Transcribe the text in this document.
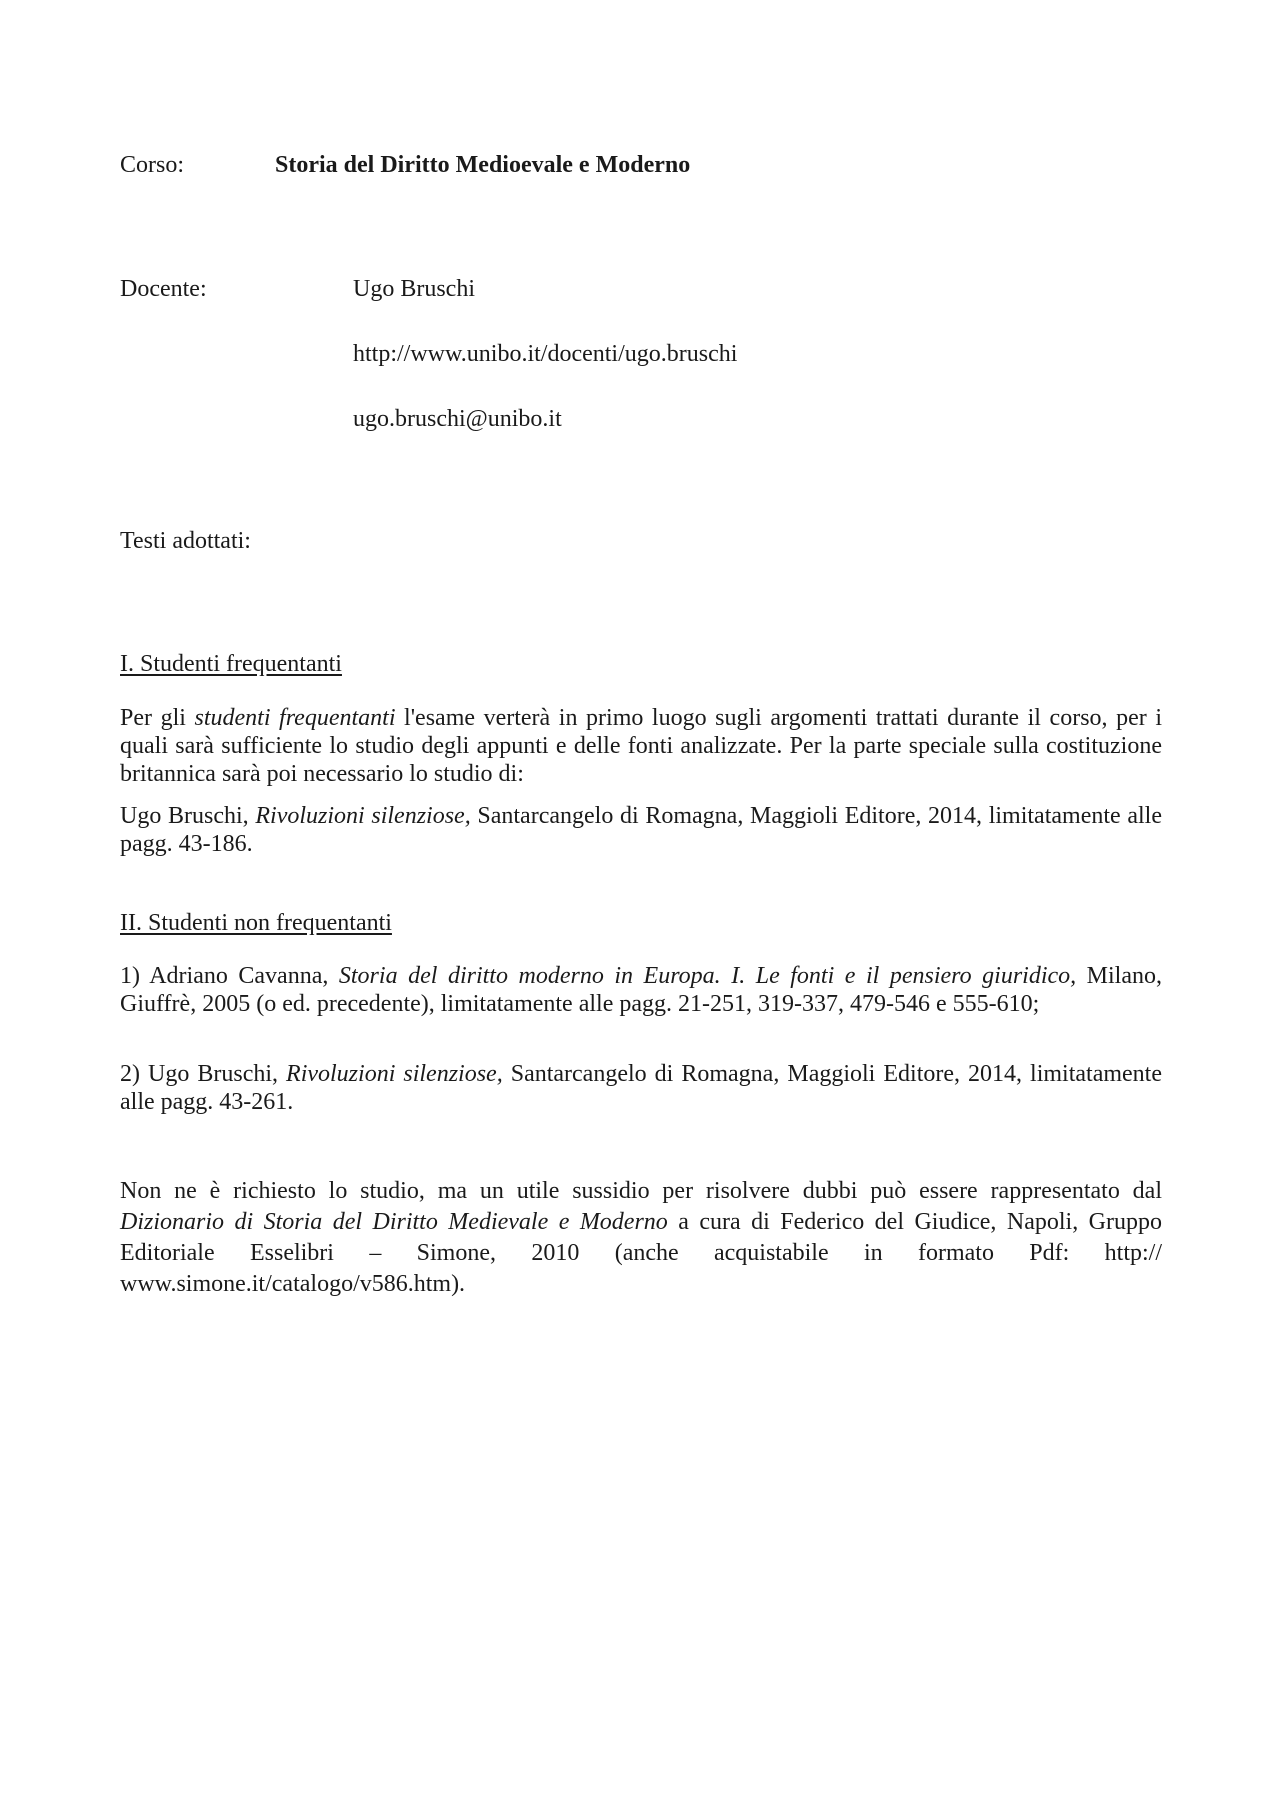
Corso:	Storia del Diritto Medioevale e Moderno
Docente:	Ugo Bruschi
http://www.unibo.it/docenti/ugo.bruschi
ugo.bruschi@unibo.it
Testi adottati:
I. Studenti frequentanti

Per gli studenti frequentanti l'esame verterà in primo luogo sugli argomenti trattati durante il corso, per i quali sarà sufficiente lo studio degli appunti e delle fonti analizzate. Per la parte speciale sulla costituzione britannica sarà poi necessario lo studio di:

Ugo Bruschi, Rivoluzioni silenziose, Santarcangelo di Romagna, Maggioli Editore, 2014, limitatamente alle pagg. 43-186.

II. Studenti non frequentanti

1) Adriano Cavanna, Storia del diritto moderno in Europa. I. Le fonti e il pensiero giuridico, Milano, Giuffrè, 2005 (o ed. precedente), limitatamente alle pagg. 21-251, 319-337, 479-546 e 555-610;

2) Ugo Bruschi, Rivoluzioni silenziose, Santarcangelo di Romagna, Maggioli Editore, 2014, limitatamente alle pagg. 43-261.

Non ne è richiesto lo studio, ma un utile sussidio per risolvere dubbi può essere rappresentato dal Dizionario di Storia del Diritto Medievale e Moderno a cura di Federico del Giudice, Napoli, Gruppo Editoriale Esselibri – Simone, 2010 (anche acquistabile in formato Pdf: http:// www.simone.it/catalogo/v586.htm).
